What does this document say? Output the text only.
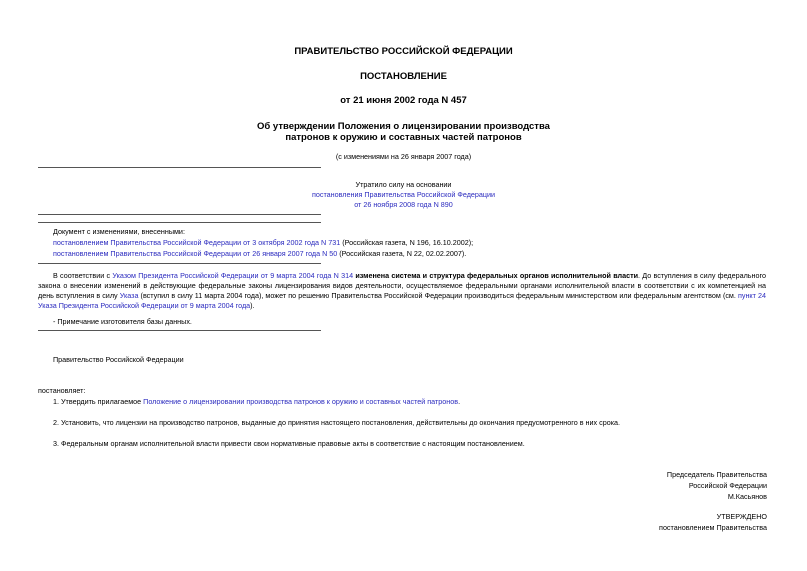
ПРАВИТЕЛЬСТВО РОССИЙСКОЙ ФЕДЕРАЦИИ
ПОСТАНОВЛЕНИЕ
от 21 июня 2002 года N 457
Об утверждении Положения о лицензировании производства
патронов к оружию и составных частей патронов
(с изменениями на 26 января 2007 года)
Утратило силу на основании
постановления Правительства Российской Федерации
от 26 ноября 2008 года N 890
Документ с изменениями, внесенными:
постановлением Правительства Российской Федерации от 3 октября 2002 года N 731 (Российская газета, N 196, 16.10.2002);
постановлением Правительства Российской Федерации от 26 января 2007 года N 50 (Российская газета, N 22, 02.02.2007).
В соответствии с Указом Президента Российской Федерации от 9 марта 2004 года N 314 изменена система и структура федеральных органов исполнительной власти. До вступления в силу федерального закона о внесении изменений в действующие федеральные законы лицензирования видов деятельности, осуществляемое федеральными органами исполнительной власти в соответствии с их компетенцией на день вступления в силу Указа (вступил в силу 11 марта 2004 года), может по решению Правительства Российской Федерации производиться федеральным министерством или федеральным агентством (см. пункт 24 Указа Президента Российской Федерации от 9 марта 2004 года).
- Примечание изготовителя базы данных.
Правительство Российской Федерации
постановляет:
1. Утвердить прилагаемое Положение о лицензировании производства патронов к оружию и составных частей патронов.
2. Установить, что лицензии на производство патронов, выданные до принятия настоящего постановления, действительны до окончания предусмотренного в них срока.
3. Федеральным органам исполнительной власти привести свои нормативные правовые акты в соответствие с настоящим постановлением.
Председатель Правительства
Российской Федерации
М.Касьянов
УТВЕРЖДЕНО
постановлением Правительства
